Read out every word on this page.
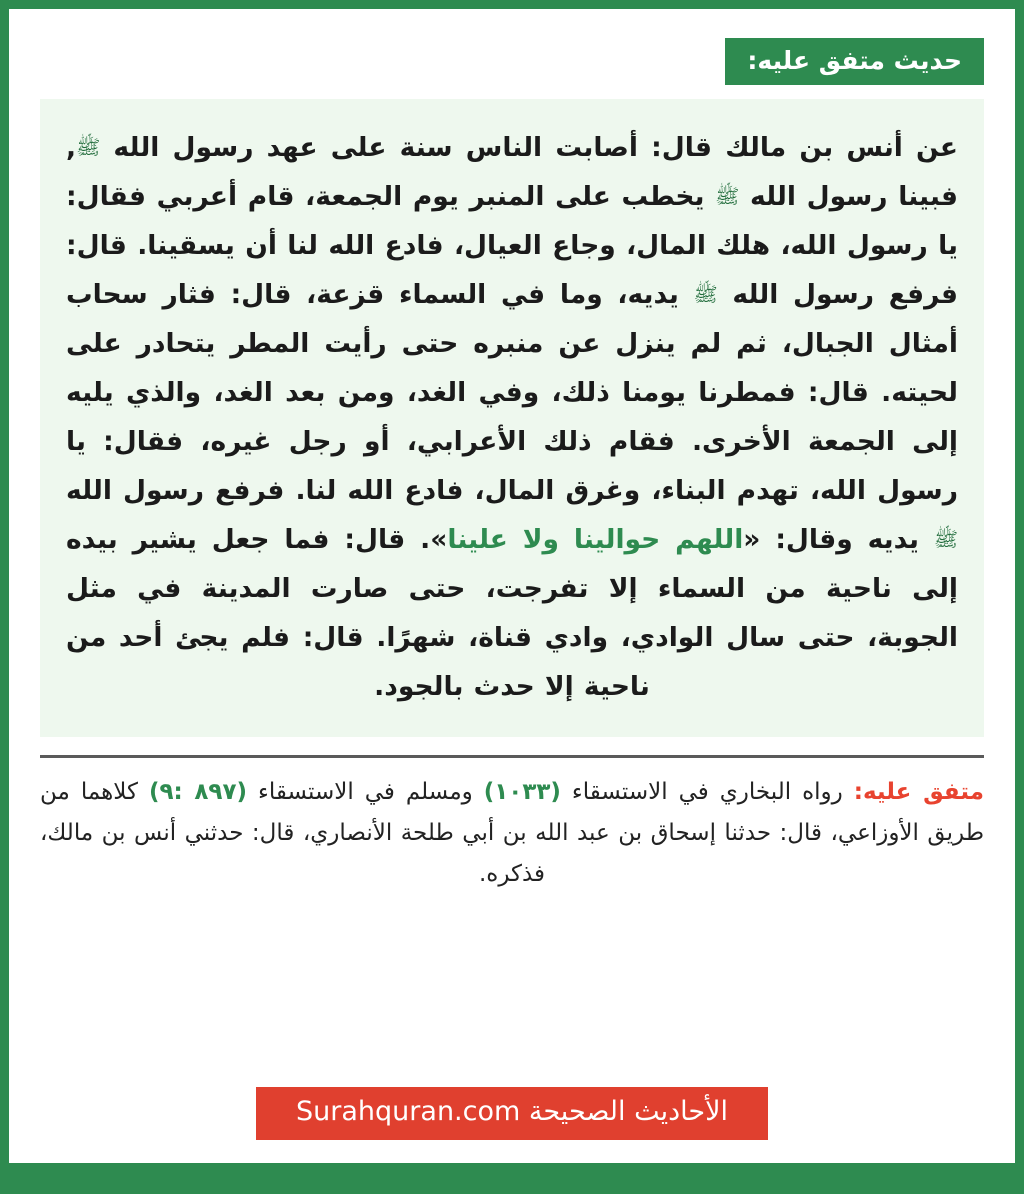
حديث متفق عليه:
عن أنس بن مالك قال: أصابت الناس سنة على عهد رسول الله ﷺ, فبينا رسول الله ﷺ يخطب على المنبر يوم الجمعة، قام أعربي فقال: يا رسول الله، هلك المال، وجاع العيال، فادع الله لنا أن يسقينا. قال: فرفع رسول الله ﷺ يديه، وما في السماء قزعة، قال: فثار سحاب أمثال الجبال، ثم لم ينزل عن منبره حتى رأيت المطر يتحادر على لحيته. قال: فمطرنا يومنا ذلك، وفي الغد، ومن بعد الغد، والذي يليه إلى الجمعة الأخرى. فقام ذلك الأعرابي، أو رجل غيره، فقال: يا رسول الله، تهدم البناء، وغرق المال، فادع الله لنا. فرفع رسول الله ﷺ يديه وقال: «اللهم حوالينا ولا علينا». قال: فما جعل يشير بيده إلى ناحية من السماء إلا تفرجت، حتى صارت المدينة في مثل الجوبة، حتى سال الوادي، وادي قناة، شهرًا. قال: فلم يجئ أحد من ناحية إلا حدث بالجود.
متفق عليه: رواه البخاري في الاستسقاء (١٠٣٣) ومسلم في الاستسقاء (٨٩٧ :٩) كلاهما من طريق الأوزاعي، قال: حدثنا إسحاق بن عبد الله بن أبي طلحة الأنصاري، قال: حدثني أنس بن مالك، فذكره.
الأحاديث الصحيحة Surahquran.com
